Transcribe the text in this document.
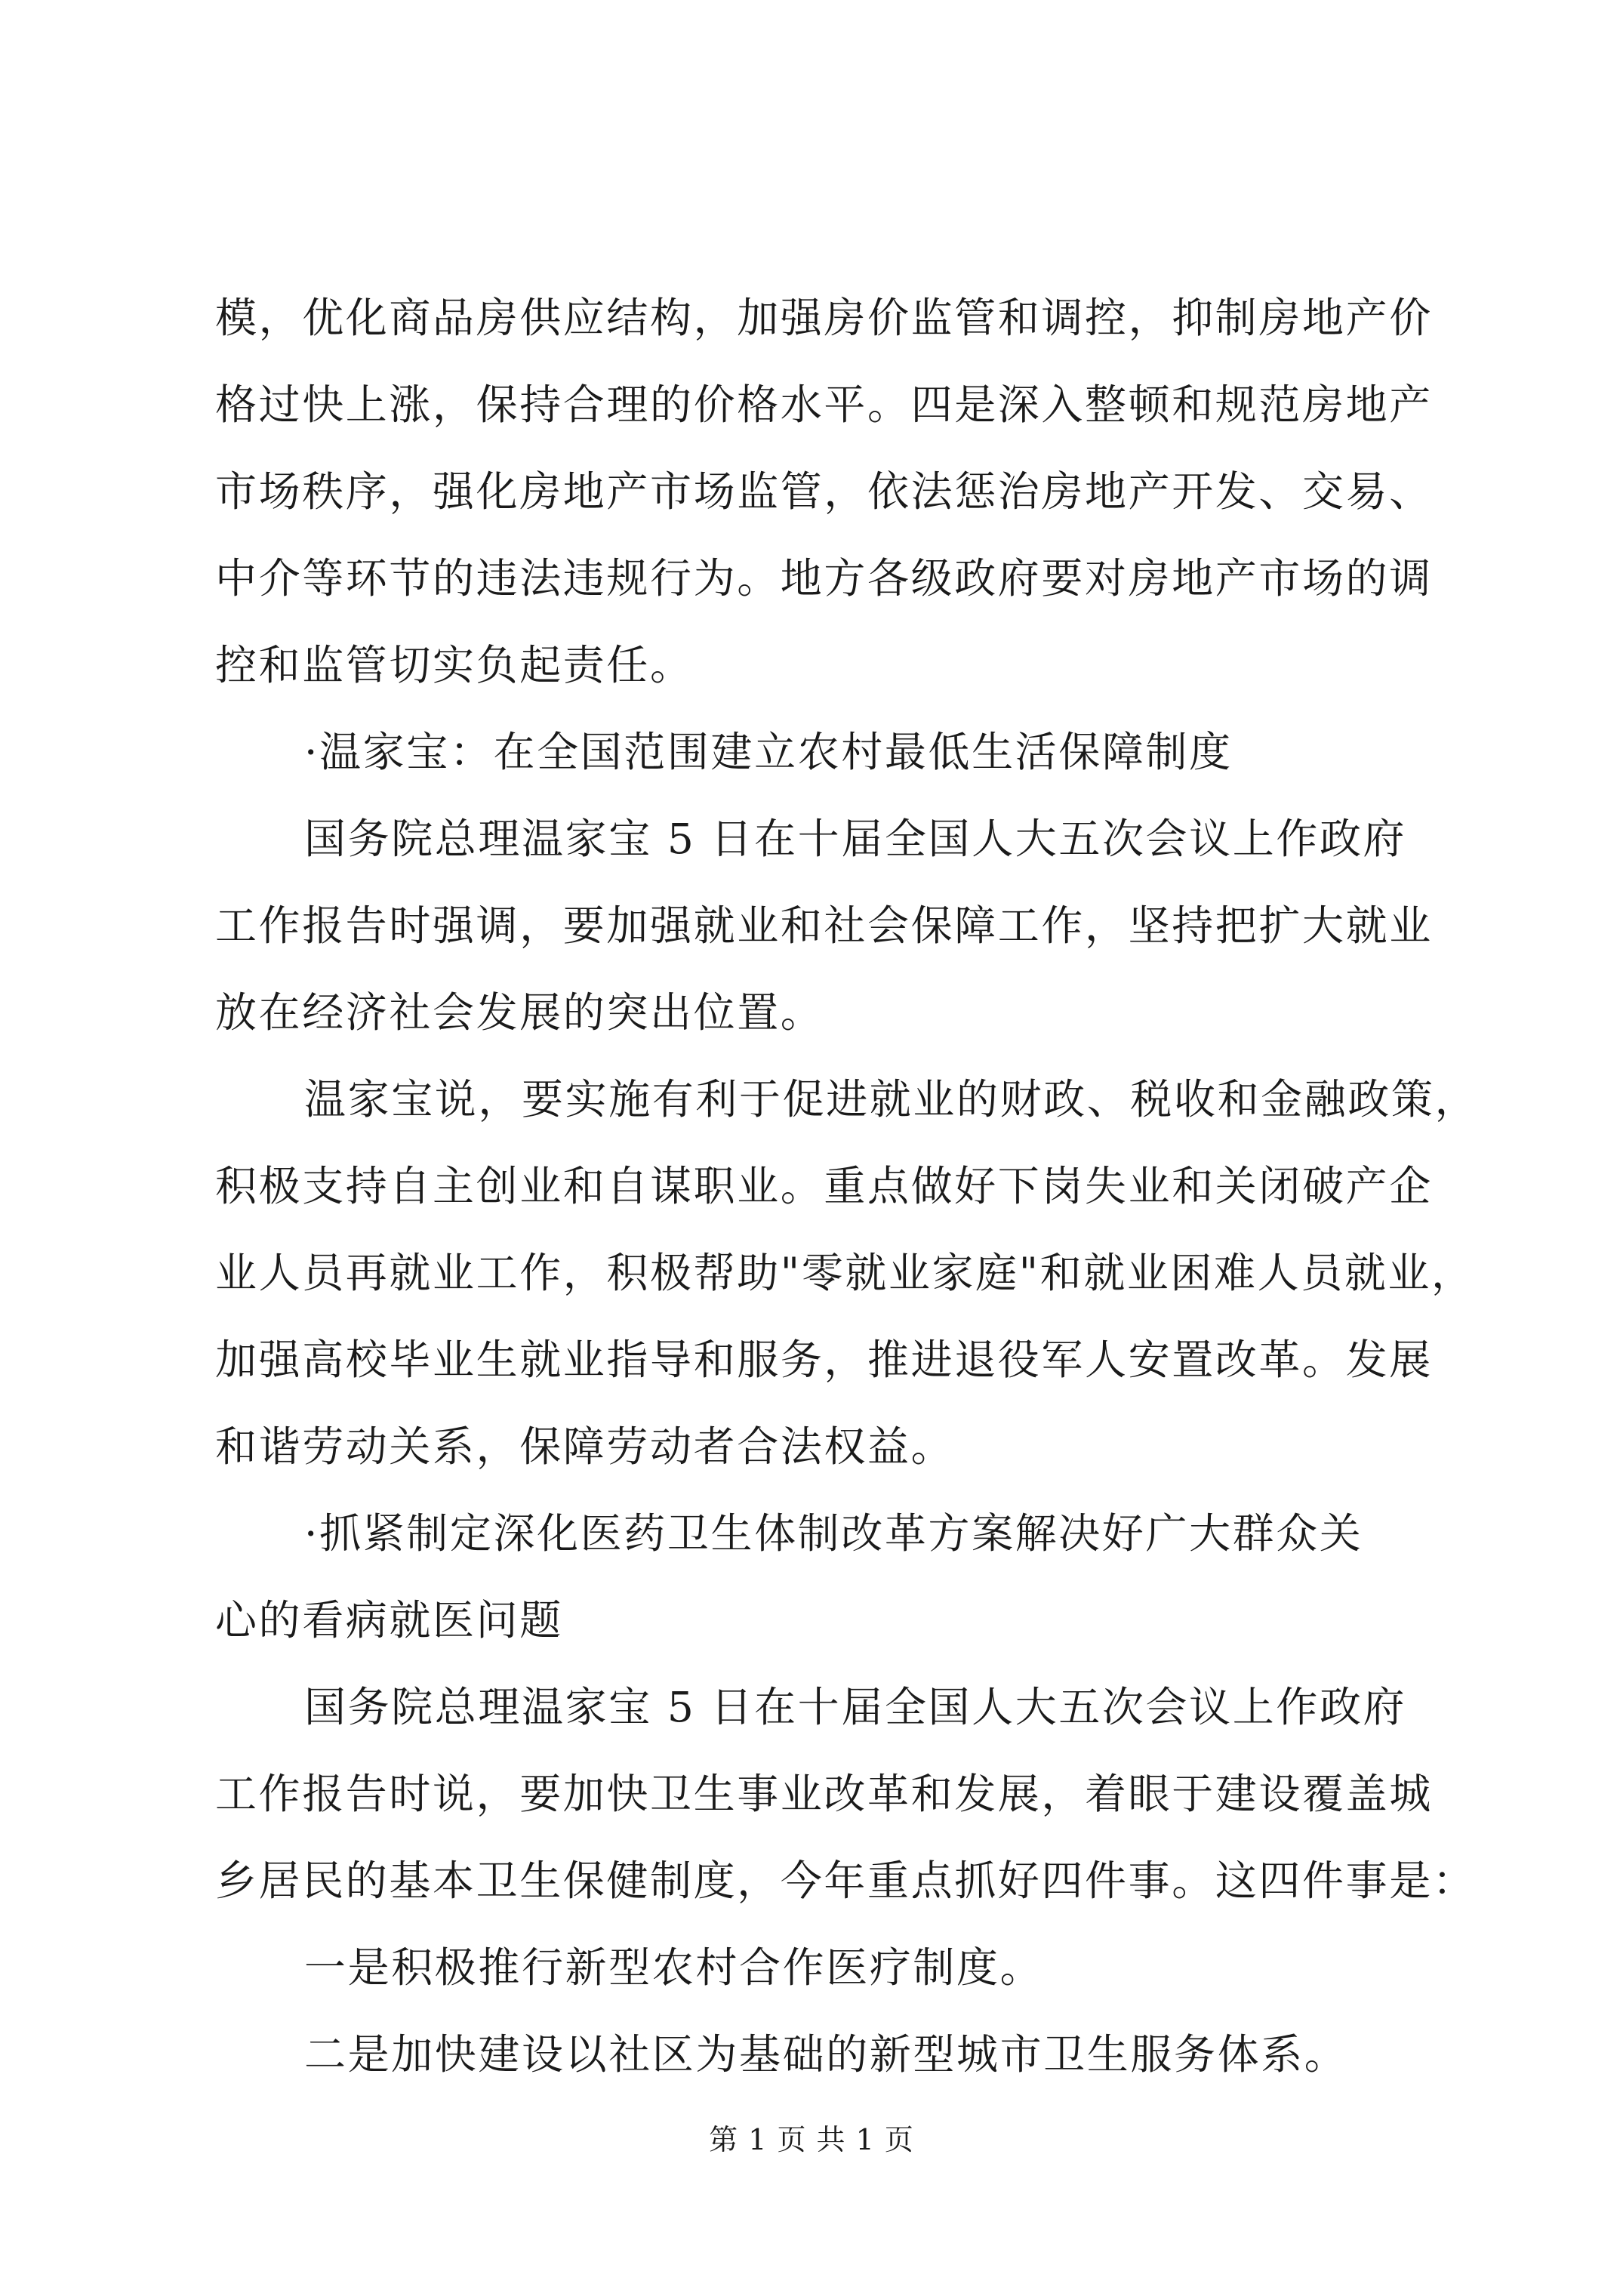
模，优化商品房供应结构，加强房价监管和调控，抑制房地产价

格过快上涨，保持合理的价格水平。四是深入整顿和规范房地产

市场秩序，强化房地产市场监管，依法惩治房地产开发、交易、

中介等环节的违法违规行为。地方各级政府要对房地产市场的调

控和监管切实负起责任。

·温家宝：在全国范围建立农村最低生活保障制度

国务院总理温家宝 5 日在十届全国人大五次会议上作政府

工作报告时强调，要加强就业和社会保障工作，坚持把扩大就业

放在经济社会发展的突出位置。

温家宝说，要实施有利于促进就业的财政、税收和金融政策，

积极支持自主创业和自谋职业。重点做好下岗失业和关闭破产企

业人员再就业工作，积极帮助"零就业家庭"和就业困难人员就业，

加强高校毕业生就业指导和服务，推进退役军人安置改革。发展

和谐劳动关系，保障劳动者合法权益。

·抓紧制定深化医药卫生体制改革方案解决好广大群众关

心的看病就医问题

国务院总理温家宝 5 日在十届全国人大五次会议上作政府

工作报告时说，要加快卫生事业改革和发展，着眼于建设覆盖城

乡居民的基本卫生保健制度，今年重点抓好四件事。这四件事是：

一是积极推行新型农村合作医疗制度。

二是加快建设以社区为基础的新型城市卫生服务体系。

第 1 页 共 1 页
